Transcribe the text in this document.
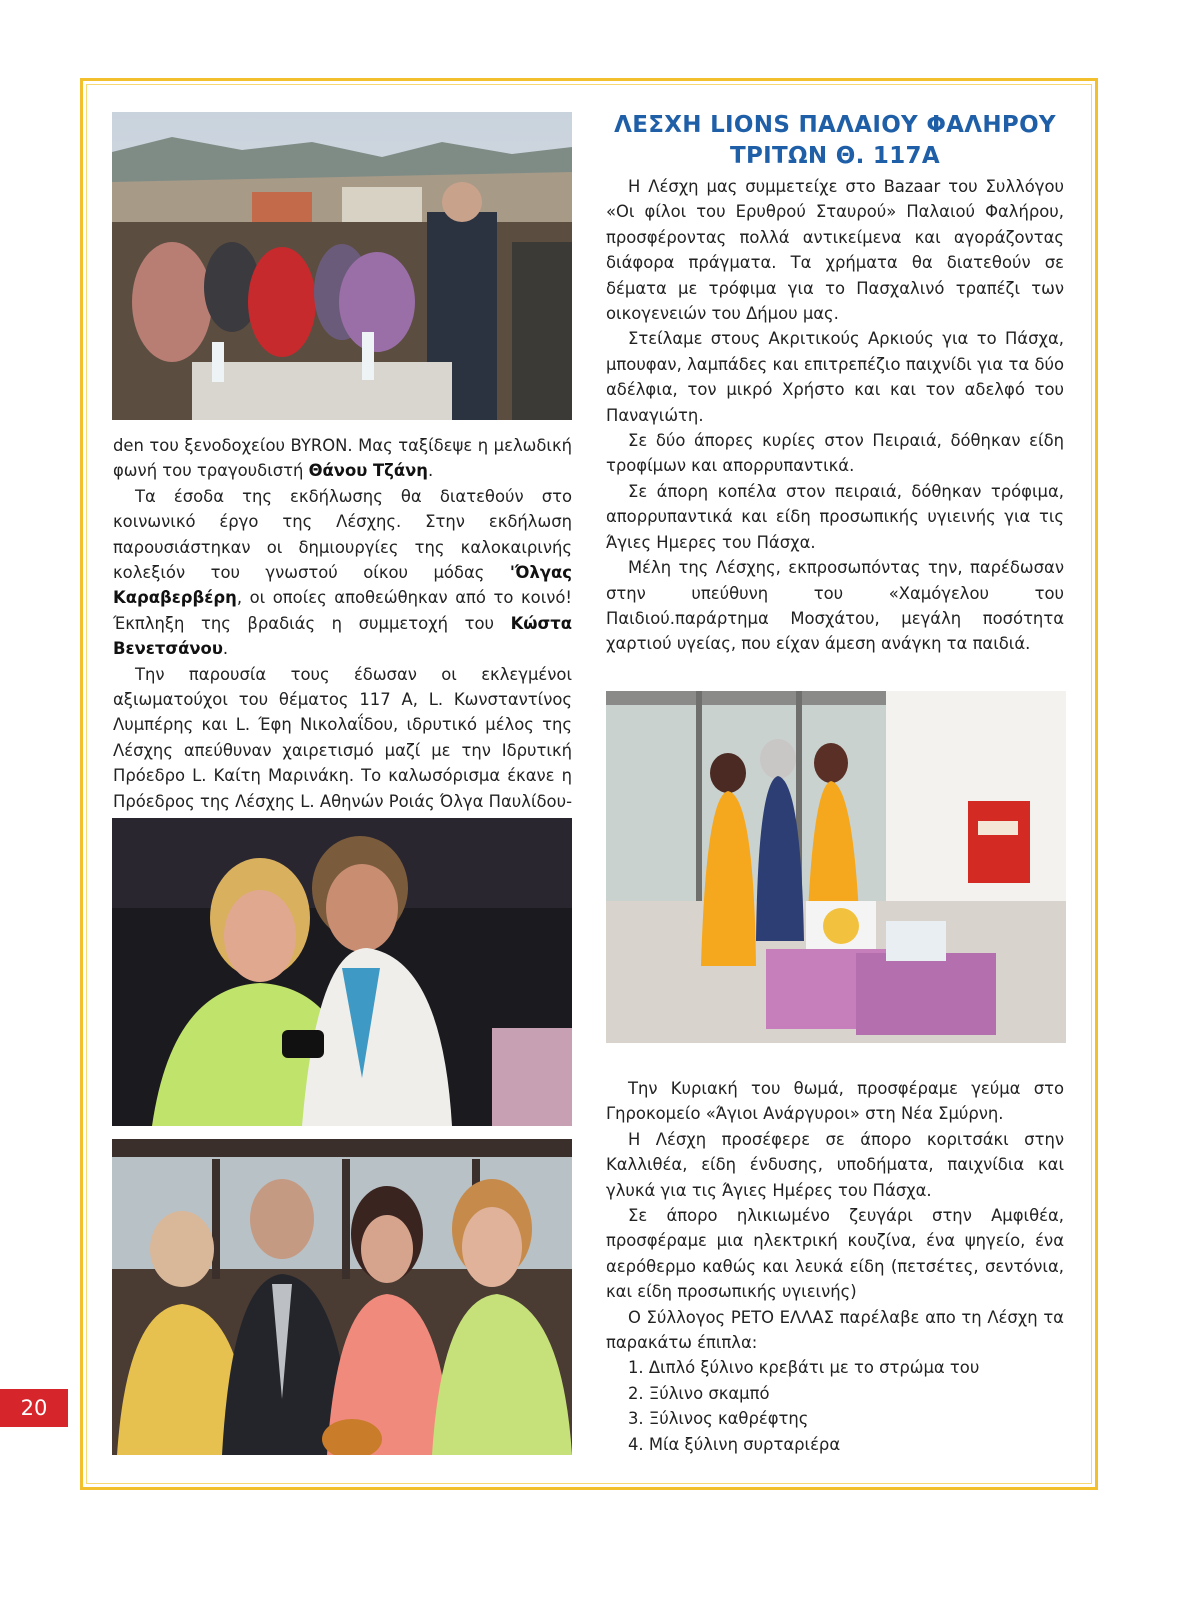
den του ξενοδοχείου BYRON. Μας ταξίδεψε η μελωδική φωνή του τραγουδιστή Θάνου Τζάνη.

Τα έσοδα της εκδήλωσης θα διατεθούν στο κοινωνικό έργο της Λέσχης. Στην εκδήλωση παρουσιάστηκαν οι δημιουργίες της καλοκαιρινής κολεξιόν του γνωστού οίκου μόδας 'Όλγας Καραβερβέρη, οι οποίες αποθεώθηκαν από το κοινό! Έκπληξη της βραδιάς η συμμετοχή του Κώστα Βενετσάνου.

Την παρουσία τους έδωσαν οι εκλεγμένοι αξιωματούχοι του θέματος 117 Α, L. Κωνσταντίνος Λυμπέρης και L. Έφη Νικολαΐδου, ιδρυτικό μέλος της Λέσχης απεύθυναν χαιρετισμό μαζί με την Ιδρυτική Πρόεδρο L. Καίτη Μαρινάκη. Το καλωσόρισμα έκανε η Πρόεδρος της Λέσχης L. Αθηνών Ροιάς Όλγα Παυλίδου-

ΛΕΣΧΗ LIONS ΠΑΛΑΙΟΥ ΦΑΛΗΡΟΥ
ΤΡΙΤΩΝ Θ. 117Α

Η Λέσχη μας συμμετείχε στο Bazaar του Συλλόγου «Οι φίλοι του Ερυθρού Σταυρού» Παλαιού Φαλήρου, προσφέροντας πολλά αντικείμενα και αγοράζοντας διάφορα πράγματα. Τα χρήματα θα διατεθούν σε δέματα με τρόφιμα για το Πασχαλινό τραπέζι των οικογενειών του Δήμου μας.

Στείλαμε στους Ακριτικούς Αρκιούς για το Πάσχα, μπουφαν, λαμπάδες και επιτρεπέζιο παιχνίδι για τα δύο αδέλφια, τον μικρό Χρήστο και και τον αδελφό του Παναγιώτη.

Σε δύο άπορες κυρίες στον Πειραιά, δόθηκαν είδη τροφίμων και απορρυπαντικά.

Σε άπορη κοπέλα στον πειραιά, δόθηκαν τρόφιμα, απορρυπαντικά και είδη προσωπικής υγιεινής για τις Άγιες Ημερες του Πάσχα.

Μέλη της Λέσχης, εκπροσωπόντας την, παρέδωσαν στην υπεύθυνη του «Χαμόγελου του Παιδιού.παράρτημα Μοσχάτου, μεγάλη ποσότητα χαρτιού υγείας, που είχαν άμεση ανάγκη τα παιδιά.

Την Κυριακή του θωμά, προσφέραμε γεύμα στο Γηροκομείο «Άγιοι Ανάργυροι» στη Νέα Σμύρνη.

Η Λέσχη προσέφερε σε άπορο κοριτσάκι στην Καλλιθέα, είδη ένδυσης, υποδήματα, παιχνίδια και γλυκά για τις Άγιες Ημέρες του Πάσχα.

Σε άπορο ηλικιωμένο ζευγάρι στην Αμφιθέα, προσφέραμε μια ηλεκτρική κουζίνα, ένα ψηγείο, ένα αερόθερμο καθώς και λευκά είδη (πετσέτες, σεντόνια, και είδη προσωπικής υγιεινής)

Ο Σύλλογος PETO ΕΛΛΑΣ παρέλαβε απο τη Λέσχη τα παρακάτω έπιπλα:

1. Διπλό ξύλινο κρεβάτι με το στρώμα του
2. Ξύλινο σκαμπό
3. Ξύλινος καθρέφτης
4. Μία ξύλινη συρταριέρα
20
